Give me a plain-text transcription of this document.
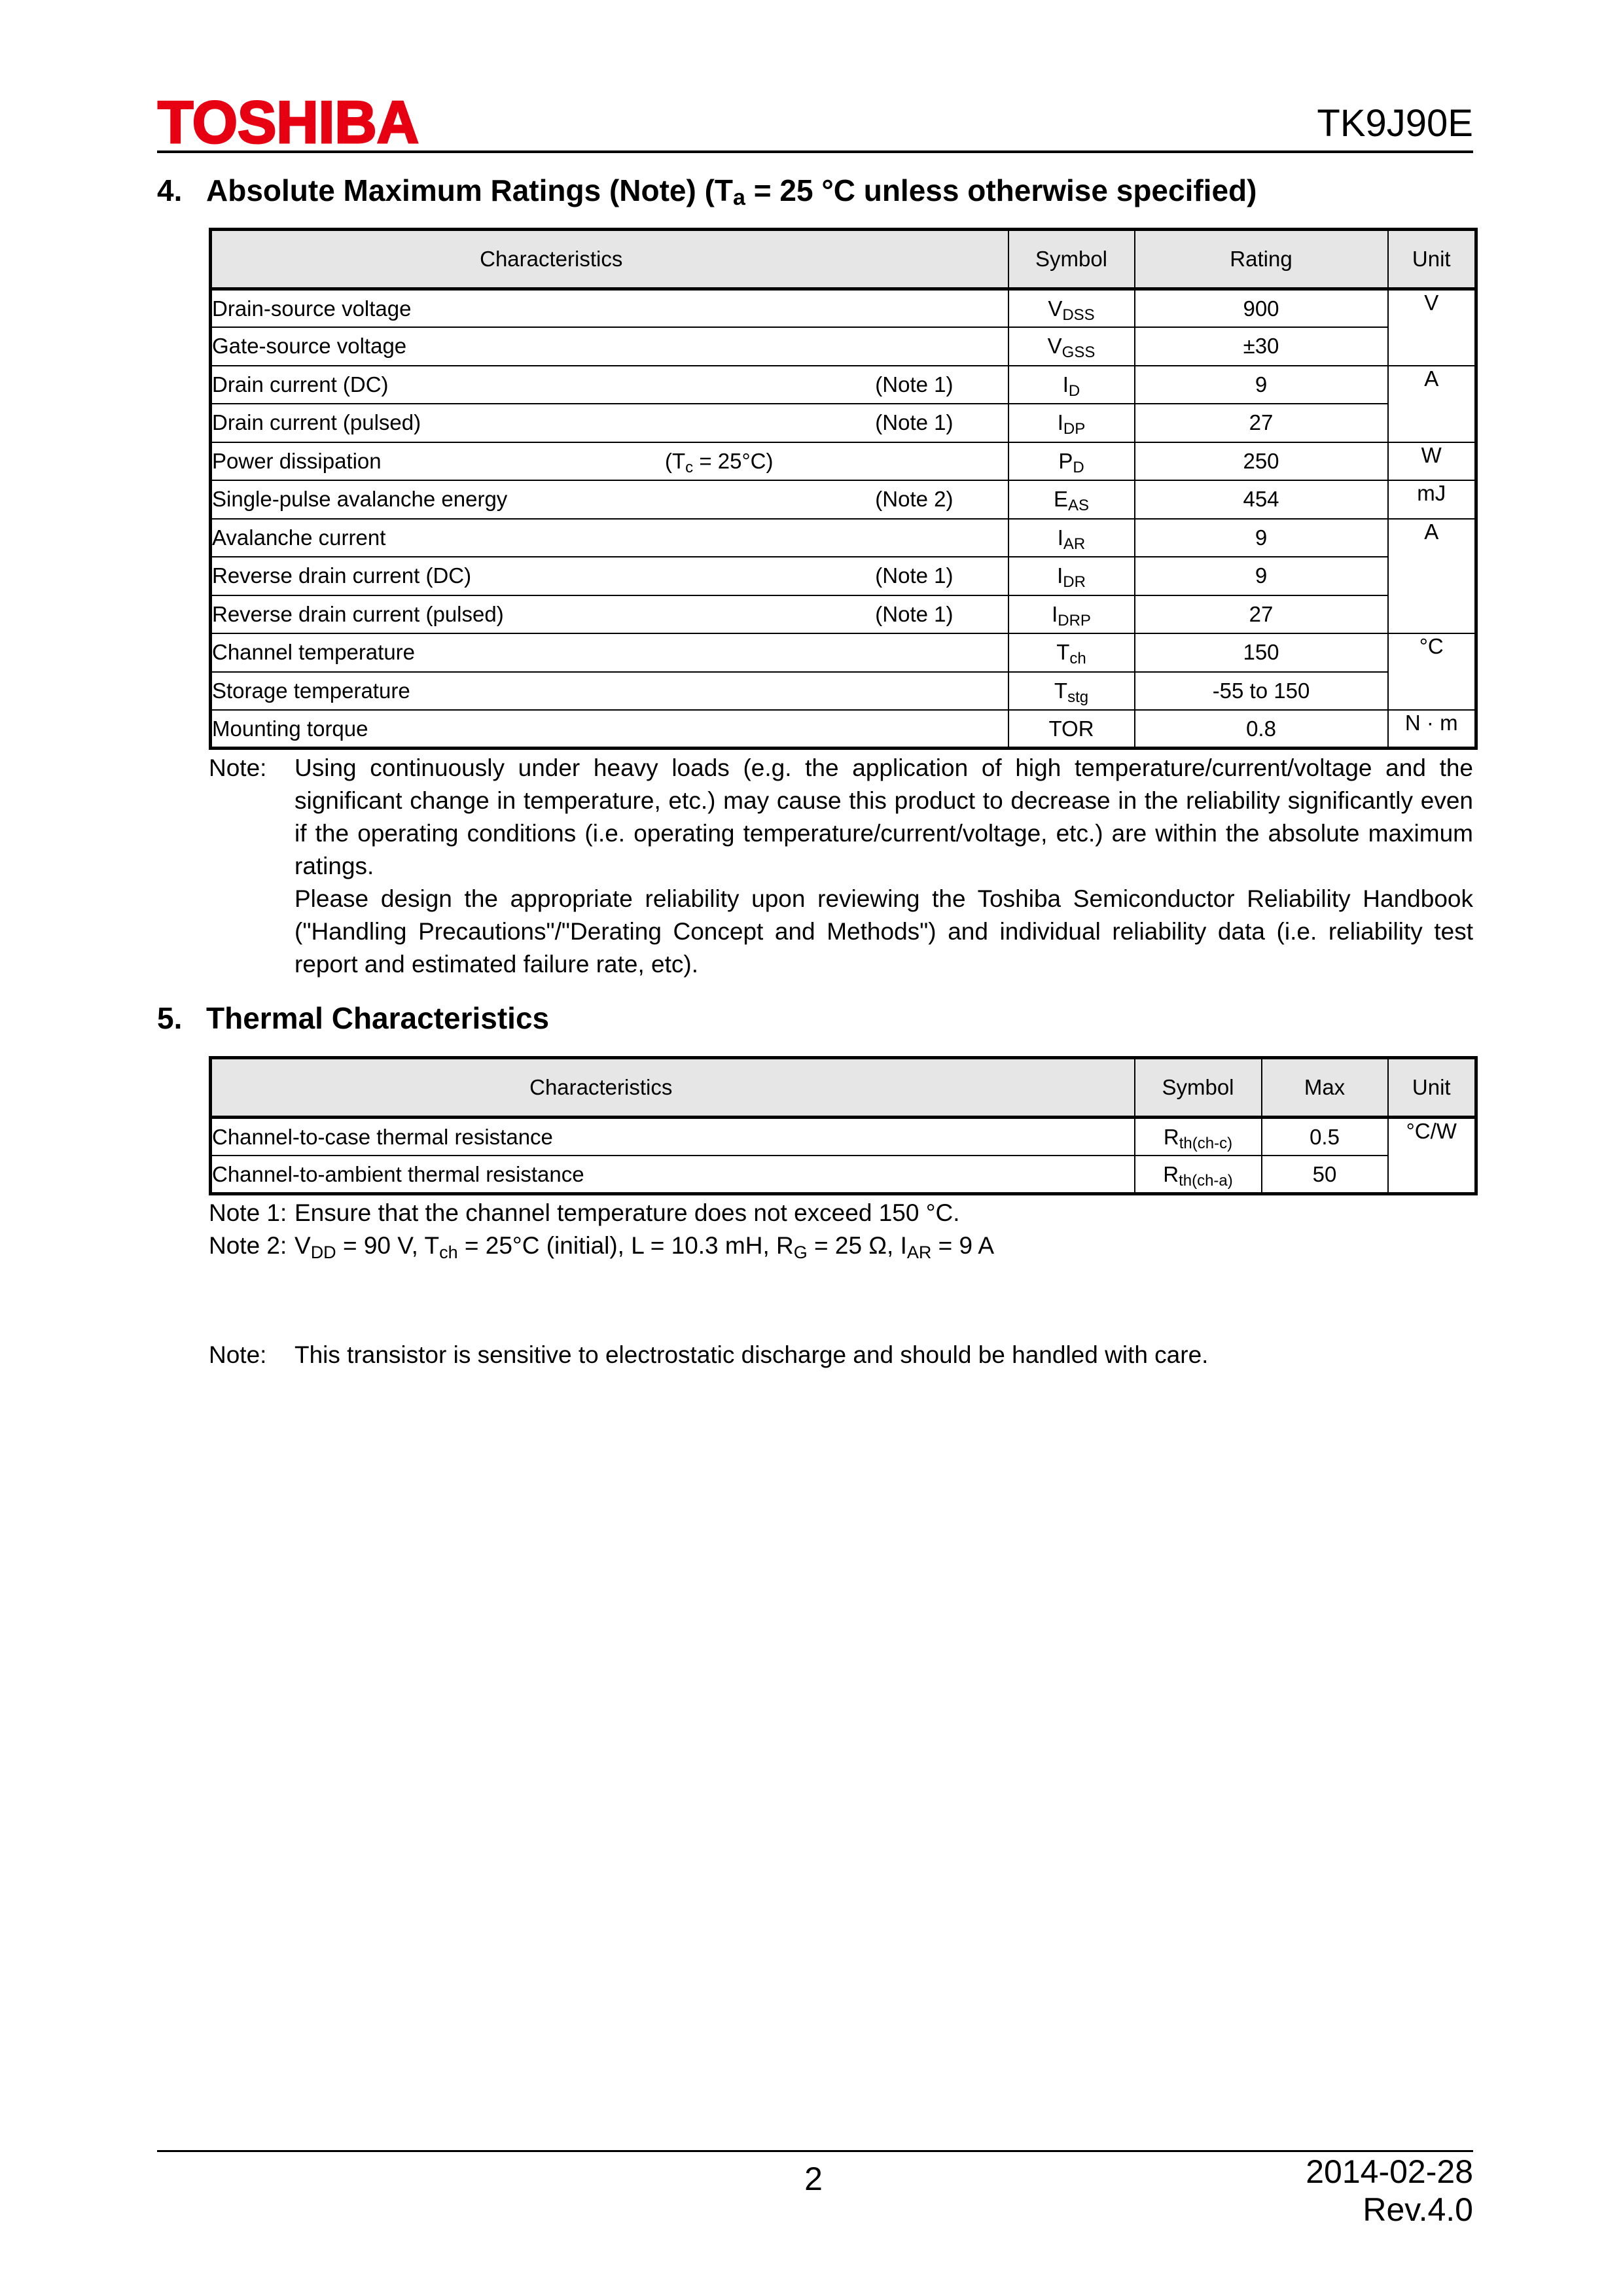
TOSHIBA	TK9J90E
4. Absolute Maximum Ratings (Note) ($T_a = 25$ °C unless otherwise specified)
Characteristics	Symbol	Rating	Unit

Drain-source voltage	$V_{DSS}$	900	V

Gate-source voltage	$V_{GSS}$	±30	

Drain current (DC) (Note 1)	$I_D$	9	A

Drain current (pulsed) (Note 1)	$I_{DP}$	27	

Power dissipation $(T_c = 25^\circ C)$	$P_D$	250	W

Single-pulse avalanche energy (Note 2)	$E_{AS}$	454	mJ

Avalanche current	$I_{AR}$	9	A

Reverse drain current (DC) (Note 1)	$I_{DR}$	9	

Reverse drain current (pulsed) (Note 1)	$I_{DRP}$	27	

Channel temperature	$T_{ch}$	150	°C

Storage temperature	$T_{stg}$	-55 to 150	

Mounting torque	TOR	0.8	N · m
Note: Using continuously under heavy loads (e.g. the application of high temperature/current/voltage and the
significant change in temperature, etc.) may cause this product to decrease in the reliability significantly even
if the operating conditions (i.e. operating temperature/current/voltage, etc.) are within the absolute maximum
ratings.
Please design the appropriate reliability upon reviewing the Toshiba Semiconductor Reliability Handbook
("Handling Precautions"/"Derating Concept and Methods") and individual reliability data (i.e. reliability test
report and estimated failure rate, etc).
5. Thermal Characteristics
Characteristics	Symbol	Max	Unit
Channel-to-case thermal resistance	$R_{th(ch-c)}$	0.5	°C/W
Channel-to-ambient thermal resistance	$R_{th(ch-a)}$	50	
Note 1: Ensure that the channel temperature does not exceed 150 °C.
Note 2: $V_{DD} = 90$ V, $T_{ch} = 25^\circ C$ (initial), L = 10.3 mH, $R_G = 25$ Ω, $I_{AR} = 9$ A
Note: This transistor is sensitive to electrostatic discharge and should be handled with care.
2	2014-02-28
Rev.4.0
